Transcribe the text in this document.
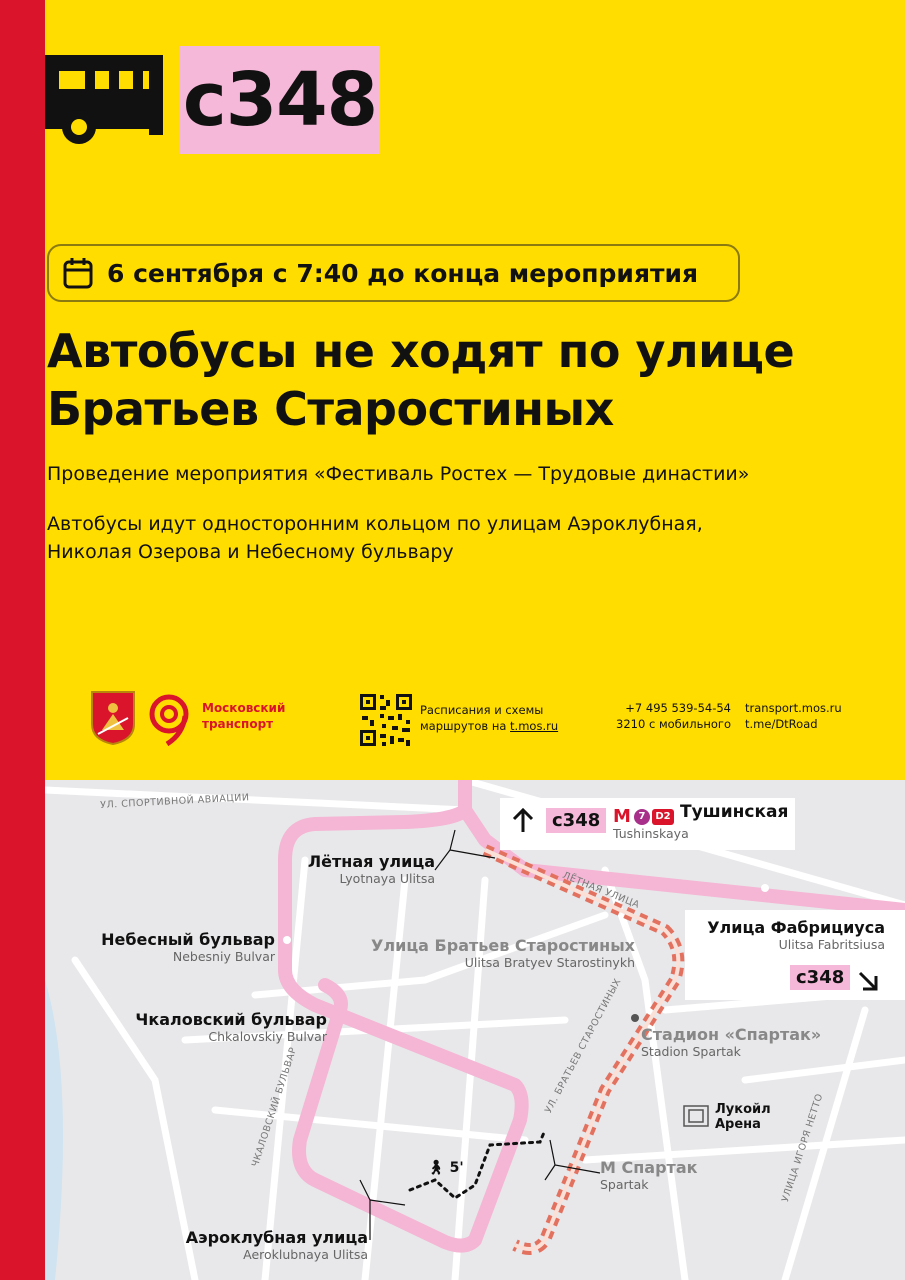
с348
6 сентября с 7:40 до конца мероприятия
Автобусы не ходят по улице
Братьев Старостиных
Проведение мероприятия «Фестиваль Ростех — Трудовые династии»
Автобусы идут односторонним кольцом по улицам Аэроклубная,
Николая Озерова и Небесному бульвару
Московский
транспорт
Расписания и схемы
маршрутов на t.mos.ru
+7 495 539-54-54
3210 с мобильного
transport.mos.ru
t.me/DtRoad
УЛ. СПОРТИВНОЙ АВИАЦИИ
ЛЁТНАЯ УЛИЦА
УЛ. БРАТЬЕВ СТАРОСТИНЫХ
ЧКАЛОВСКИЙ БУЛЬВАР	УЛИЦА ИГОРЯ НЕТТО
Лётная улица
Lyotnaya Ulitsa
Небесный бульвар
Nebesniy Bulvar
Чкаловский бульвар
Chkalovskiy Bulvar
Аэроклубная улица
Aeroklubnaya Ulitsa
Улица Братьев Старостиных
Ulitsa Bratyev Starostinykh
Стадион «Спартак»
Stadion Spartak
с348 M 7 D2 Тушинская
Tushinskaya
Улица Фабрициуса
Ulitsa Fabritsiusa
с348
Лукойл
Арена
M Спартак
Spartak
🚶︎ 5'
